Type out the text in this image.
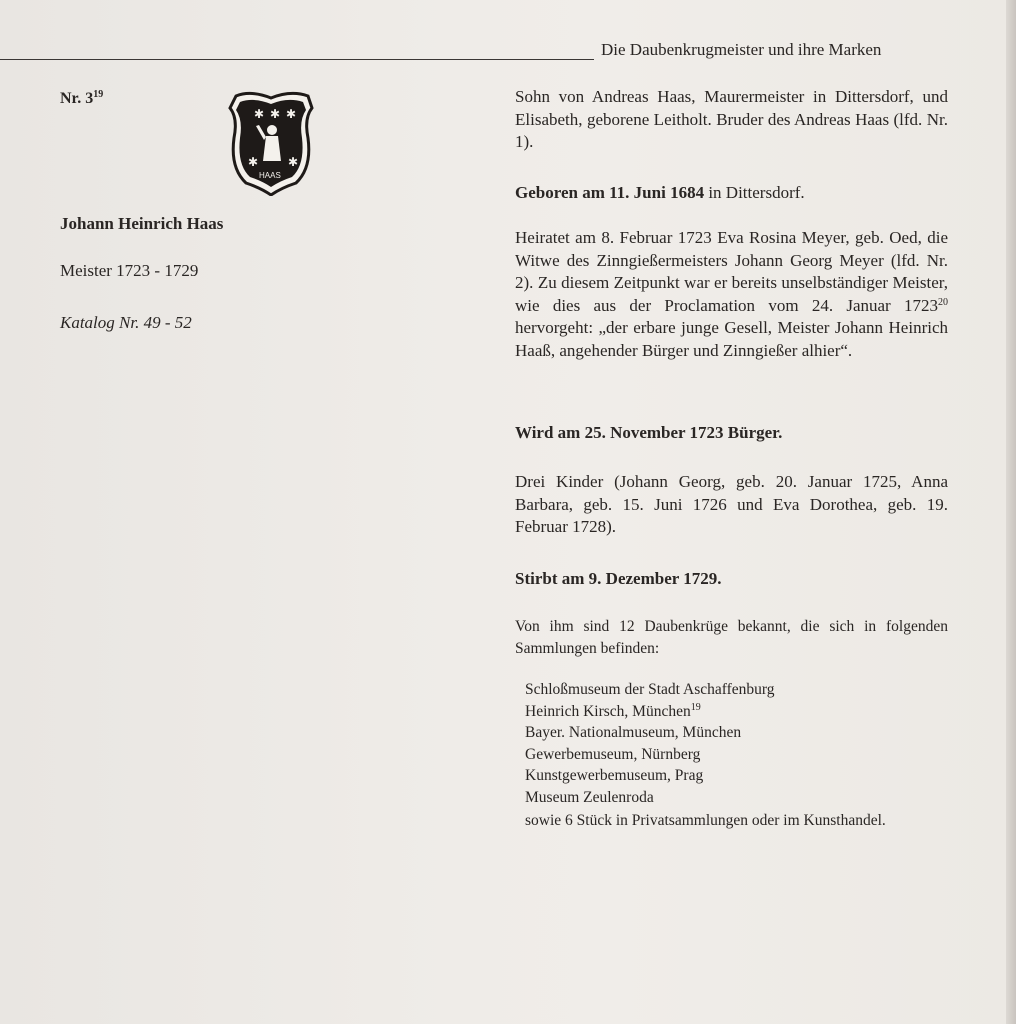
Die Daubenkrugmeister und ihre Marken
Nr. $3^{19}$
✱ ✱ ✱
✱ ✱
HAAS
Johann Heinrich Haas
Meister 1723 - 1729
Katalog Nr. 49 - 52

Sohn von Andreas Haas, Maurermeister in Dittersdorf, und Elisabeth, geborene Leitholt. Bruder des Andreas Haas (lfd. Nr. 1).

Geboren am 11. Juni 1684 in Dittersdorf.

Heiratet am 8. Februar 1723 Eva Rosina Meyer, geb. Oed, die Witwe des Zinngießermeisters Johann Georg Meyer (lfd. Nr. 2). Zu diesem Zeitpunkt war er bereits unselbständiger Meister, wie dies aus der Proclamation vom 24. Januar 1723$^{20}$ hervorgeht: „der erbare junge Gesell, Meister Johann Heinrich Haaß, angehender Bürger und Zinngießer alhier“.

Wird am 25. November 1723 Bürger.

Drei Kinder (Johann Georg, geb. 20. Januar 1725, Anna Barbara, geb. 15. Juni 1726 und Eva Dorothea, geb. 19. Februar 1728).

Stirbt am 9. Dezember 1729.
Von ihm sind 12 Daubenkrüge bekannt, die sich in folgenden Sammlungen befinden:
Schloßmuseum der Stadt Aschaffenburg
Heinrich Kirsch, München$^{19}$
Bayer. Nationalmuseum, München
Gewerbemuseum, Nürnberg
Kunstgewerbemuseum, Prag
Museum Zeulenroda
sowie 6 Stück in Privatsammlungen oder im Kunsthandel.
